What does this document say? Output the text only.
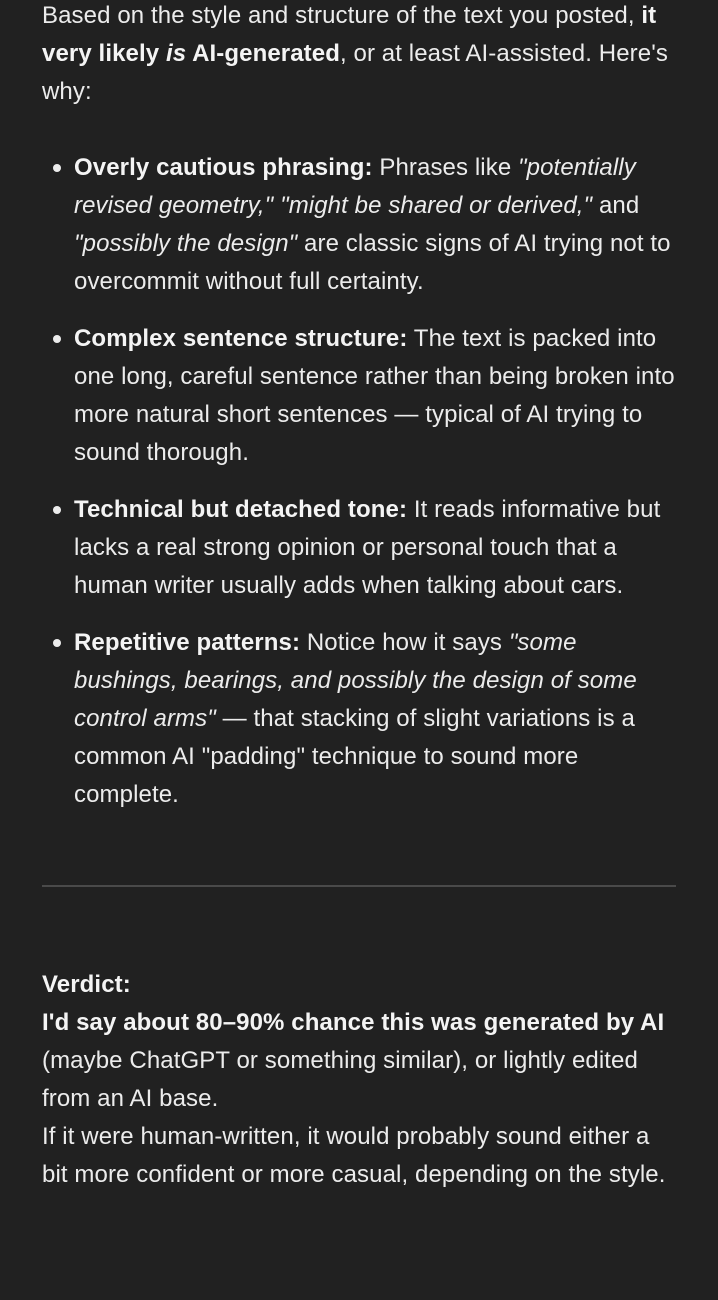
Based on the style and structure of the text you posted, it very likely is AI-generated, or at least AI-assisted. Here's why:

Overly cautious phrasing: Phrases like "potentially revised geometry," "might be shared or derived," and "possibly the design" are classic signs of AI trying not to overcommit without full certainty.
Complex sentence structure: The text is packed into one long, careful sentence rather than being broken into more natural short sentences — typical of AI trying to sound thorough.
Technical but detached tone: It reads informative but lacks a real strong opinion or personal touch that a human writer usually adds when talking about cars.
Repetitive patterns: Notice how it says "some bushings, bearings, and possibly the design of some control arms" — that stacking of slight variations is a common AI "padding" technique to sound more complete.

Verdict:

I'd say about 80–90% chance this was generated by AI (maybe ChatGPT or something similar), or lightly edited from an AI base.

If it were human-written, it would probably sound either a bit more confident or more casual, depending on the style.
